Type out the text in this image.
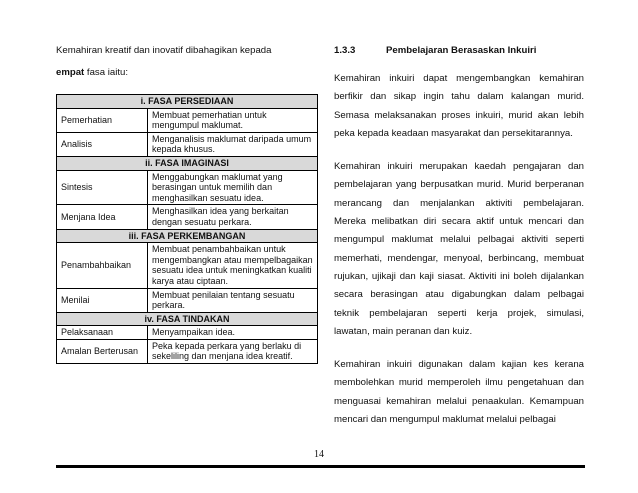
Kemahiran kreatif dan inovatif dibahagikan kepada
empat fasa iaitu:

i. FASA PERSEDIAAN	
Pemerhatian	Membuat pemerhatian untuk mengumpul maklumat.
Analisis	Menganalisis maklumat daripada umum kepada khusus.
ii. FASA IMAGINASI	
Sintesis	Menggabungkan maklumat yang berasingan untuk memilih dan menghasilkan sesuatu idea.
Menjana Idea	Menghasilkan idea yang berkaitan dengan sesuatu perkara.
iii. FASA PERKEMBANGAN	
Penambahbaikan	Membuat penambahbaikan untuk mengembangkan atau mempelbagaikan sesuatu idea untuk meningkatkan kualiti karya atau ciptaan.
Menilai	Membuat penilaian tentang sesuatu perkara.
iv. FASA TINDAKAN	
Pelaksanaan	Menyampaikan idea.
Amalan Berterusan	Peka kepada perkara yang berlaku di sekeliling dan menjana idea kreatif.

1.3.3	Pembelajaran Berasaskan Inkuiri

Kemahiran inkuiri dapat mengembangkan kemahiran berfikir dan sikap ingin tahu dalam kalangan murid. Semasa melaksanakan proses inkuiri, murid akan lebih peka kepada keadaan masyarakat dan persekitarannya.

Kemahiran inkuiri merupakan kaedah pengajaran dan pembelajaran yang berpusatkan murid. Murid berperanan merancang dan menjalankan aktiviti pembelajaran. Mereka melibatkan diri secara aktif untuk mencari dan mengumpul maklumat melalui pelbagai aktiviti seperti memerhati, mendengar, menyoal, berbincang, membuat rujukan, ujikaji dan kaji siasat. Aktiviti ini boleh dijalankan secara berasingan atau digabungkan dalam pelbagai teknik pembelajaran seperti kerja projek, simulasi, lawatan, main peranan dan kuiz.

Kemahiran inkuiri digunakan dalam kajian kes kerana membolehkan murid memperoleh ilmu pengetahuan dan menguasai kemahiran melalui penaakulan. Kemampuan mencari dan mengumpul maklumat melalui pelbagai

14
